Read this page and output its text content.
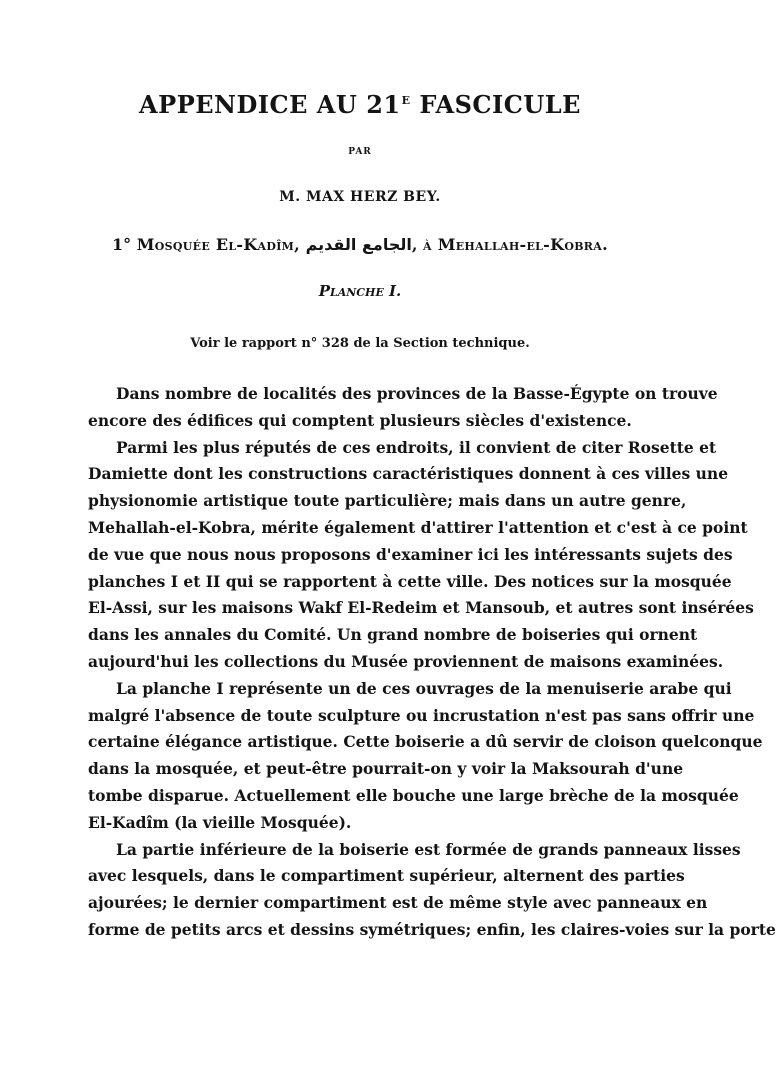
APPENDICE AU $21^E$ FASCICULE
PAR
M. MAX HERZ BEY.
1° Mosquée El-Kadîm, الجامع القديم, à Mehallah-el-Kobra.
Planche I.
Voir le rapport n° 328 de la Section technique.
Dans nombre de localités des provinces de la Basse-Égypte on trouve
encore des édifices qui comptent plusieurs siècles d'existence.
Parmi les plus réputés de ces endroits, il convient de citer Rosette et
Damiette dont les constructions caractéristiques donnent à ces villes une
physionomie artistique toute particulière; mais dans un autre genre,
Mehallah-el-Kobra, mérite également d'attirer l'attention et c'est à ce point
de vue que nous nous proposons d'examiner ici les intéressants sujets des
planches I et II qui se rapportent à cette ville. Des notices sur la mosquée
El-Assi, sur les maisons Wakf El-Redeim et Mansoub, et autres sont insérées
dans les annales du Comité. Un grand nombre de boiseries qui ornent
aujourd'hui les collections du Musée proviennent de maisons examinées.
La planche I représente un de ces ouvrages de la menuiserie arabe qui
malgré l'absence de toute sculpture ou incrustation n'est pas sans offrir une
certaine élégance artistique. Cette boiserie a dû servir de cloison quelconque
dans la mosquée, et peut-être pourrait-on y voir la Maksourah d'une
tombe disparue. Actuellement elle bouche une large brèche de la mosquée
El-Kadîm (la vieille Mosquée).
La partie inférieure de la boiserie est formée de grands panneaux lisses
avec lesquels, dans le compartiment supérieur, alternent des parties
ajourées; le dernier compartiment est de même style avec panneaux en
forme de petits arcs et dessins symétriques; enfin, les claires-voies sur la porte
